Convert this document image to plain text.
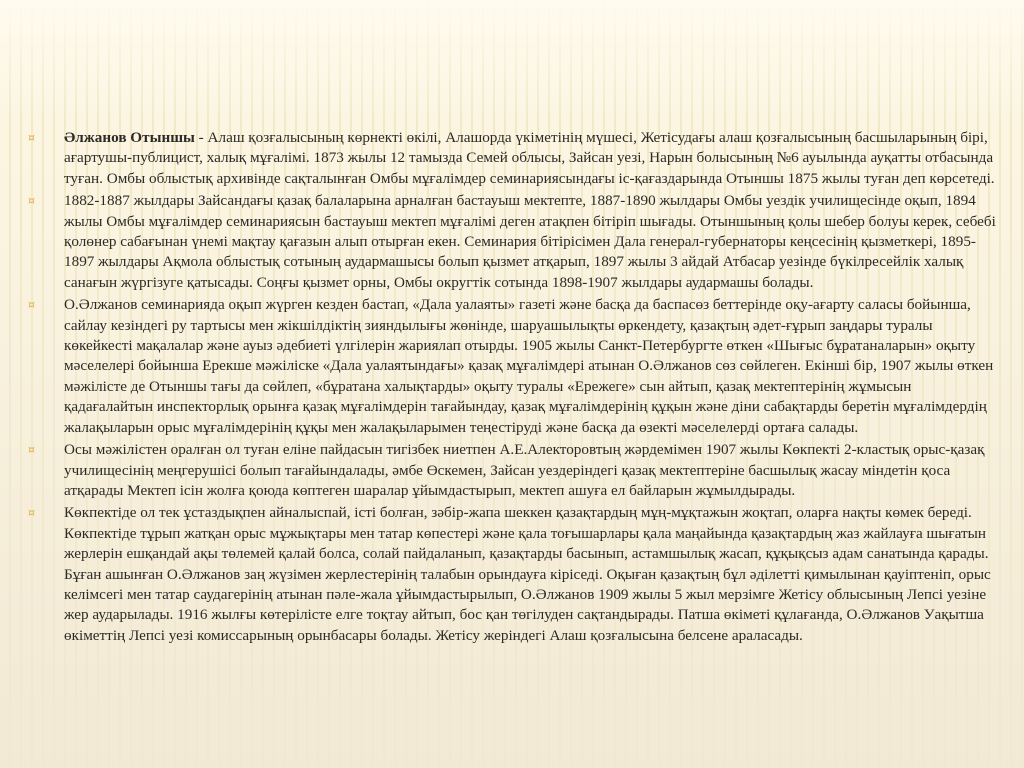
¤ Әлжанов Отыншы - Алаш қозғалысының көрнекті өкілі, Алашорда үкіметінің мүшесі, Жетісудағы алаш қозғалысының басшыларының бірі, ағартушы-публицист, халық мұғалімі. 1873 жылы 12 тамызда Семей облысы, Зайсан уезі, Нарын болысының №6 ауылында ауқатты отбасында туған. Омбы облыстық архивінде сақталынған Омбы мұғалімдер семинариясындағы іс-қағаздарында Отыншы 1875 жылы туған деп көрсетеді.
¤ 1882-1887 жылдары Зайсандағы қазақ балаларына арналған бастауыш мектепте, 1887-1890 жылдары Омбы уездік училищесінде оқып, 1894 жылы Омбы мұғалімдер семинариясын бастауыш мектеп мұғалімі деген атақпен бітіріп шығады. Отыншының қолы шебер болуы керек, себебі қолөнер сабағынан үнемі мақтау қағазын алып отырған екен. Семинария бітірісімен Дала генерал-губернаторы кеңсесінің қызметкері, 1895-1897 жылдары Ақмола облыстық сотының аудармашысы болып қызмет атқарып, 1897 жылы 3 айдай Атбасар уезінде бүкілресейлік халық санағын жүргізуге қатысады. Соңғы қызмет орны, Омбы округтік сотында 1898-1907 жылдары аудармашы болады.
¤ О.Әлжанов семинарияда оқып жүрген кезден бастап, «Дала уалаяты» газеті және басқа да баспасөз беттерінде оқу-ағарту саласы бойынша, сайлау кезіндегі ру тартысы мен жікшілдіктің зияндылығы жөнінде, шаруашылықты өркендету, қазақтың әдет-ғұрып заңдары туралы көкейкесті мақалалар және ауыз әдебиеті үлгілерін жариялап отырды. 1905 жылы Санкт-Петербургте өткен «Шығыс бұратаналарын» оқыту мәселелері бойынша Ерекше мәжіліске «Дала уалаятындағы» қазақ мұғалімдері атынан О.Әлжанов сөз сөйлеген. Екінші бір, 1907 жылы өткен мәжілісте де Отыншы тағы да сөйлеп, «бұратана халықтарды» оқыту туралы «Ережеге» сын айтып, қазақ мектептерінің жұмысын қадағалайтын инспекторлық орынға қазақ мұғалімдерін тағайындау, қазақ мұғалімдерінің құқын және діни сабақтарды беретін мұғалімдердің жалақыларын орыс мұғалімдерінің құқы мен жалақыларымен теңестіруді және басқа да өзекті мәселелерді ортаға салады.
¤ Осы мәжілістен оралған ол туған еліне пайдасын тигізбек ниетпен А.Е.Алекторовтың жәрдемімен 1907 жылы Көкпекті 2-кластық орыс-қазақ училищесінің меңгерушісі болып тағайындалады, әмбе Өскемен, Зайсан уездеріндегі қазақ мектептеріне басшылық жасау міндетін қоса атқарады Мектеп ісін жолға қоюда көптеген шаралар ұйымдастырып, мектеп ашуға ел байларын жұмылдырады.
¤ Көкпектіде ол тек ұстаздықпен айналыспай, істі болған, зәбір-жапа шеккен қазақтардың мұң-мұқтажын жоқтап, оларға нақты көмек береді. Көкпектіде тұрып жатқан орыс мұжықтары мен татар көпестері және қала тоғышарлары қала маңайында қазақтардың жаз жайлауға шығатын жерлерін ешқандай ақы төлемей қалай болса, солай пайдаланып, қазақтарды басынып, астамшылық жасап, құқықсыз адам санатында қарады. Бұған ашынған О.Әлжанов заң жүзімен жерлестерінің талабын орындауға кіріседі. Оқыған қазақтың бұл әділетті қимылынан қауіптеніп, орыс келімсегі мен татар саудагерінің атынан пәле-жала ұйымдастырылып, О.Әлжанов 1909 жылы 5 жыл мерзімге Жетісу облысының Лепсі уезіне жер аударылады. 1916 жылғы көтерілісте елге тоқтау айтып, бос қан төгілуден сақтандырады. Патша өкіметі құлағанда, О.Әлжанов Уақытша өкіметтің Лепсі уезі комиссарының орынбасары болады. Жетісу жеріндегі Алаш қозғалысына белсене араласады.
